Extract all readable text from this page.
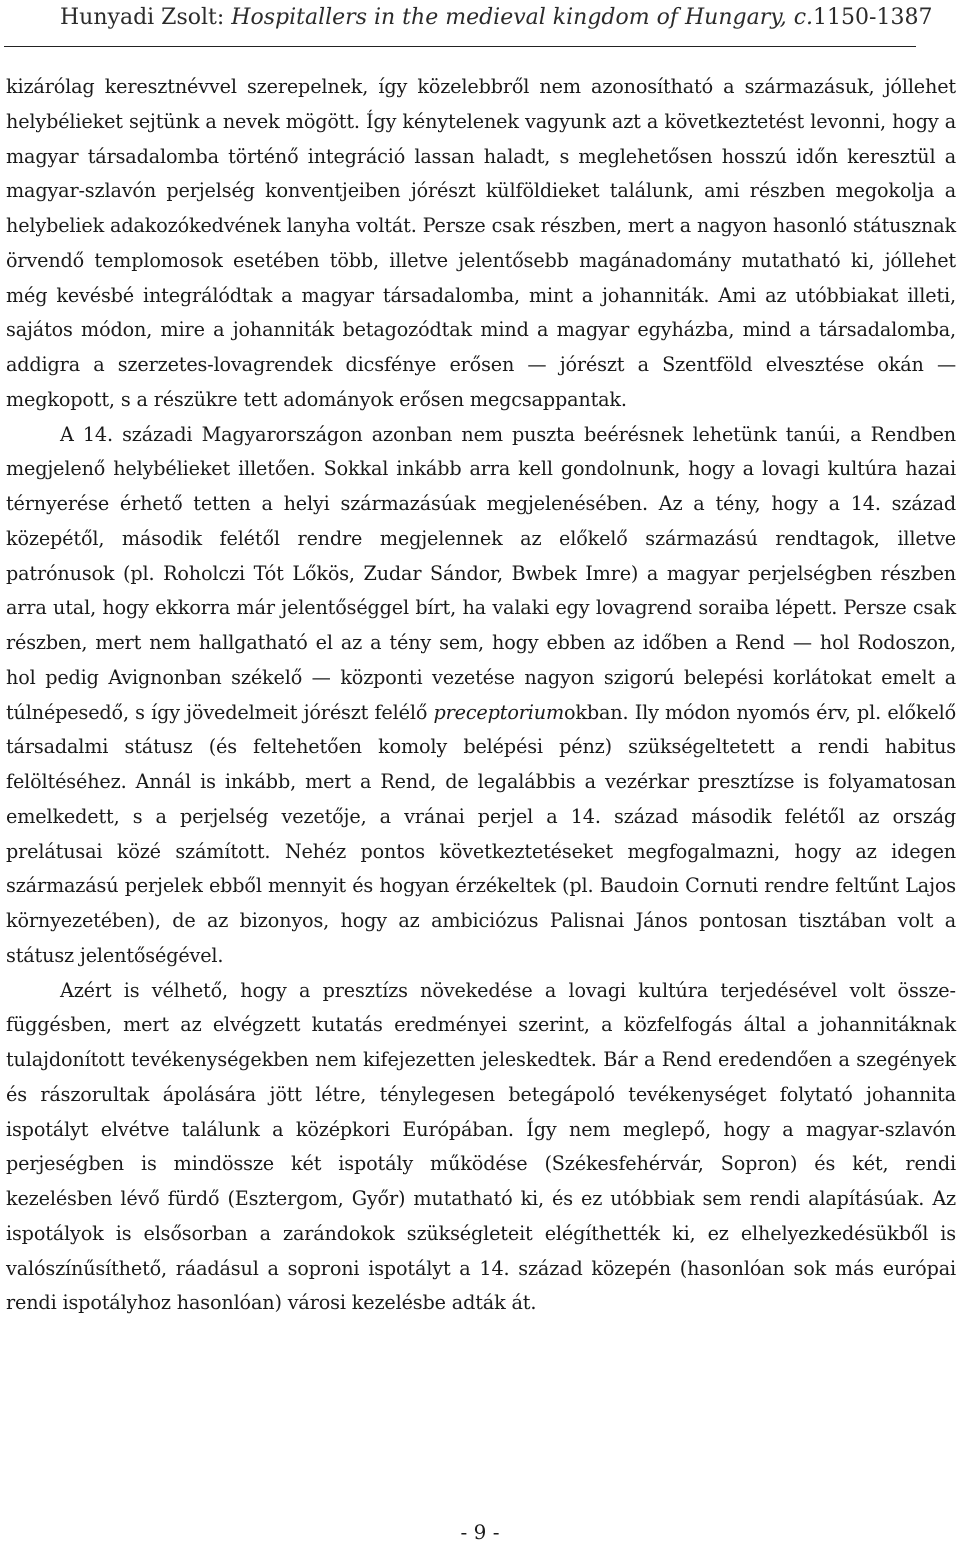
Hunyadi Zsolt: Hospitallers in the medieval kingdom of Hungary, c.1150-1387

kizárólag keresztnévvel szerepelnek, így közelebbről nem azonosítható a származásuk, jóllehet helybélieket sejtünk a nevek mögött. Így kénytelenek vagyunk azt a következtetést levonni, hogy a magyar társadalomba történő integráció lassan haladt, s meglehetősen hosszú időn keresztül a magyar-szlavón perjelség konventjeiben jórészt külföldieket találunk, ami részben megokolja a helybeliek adakozókedvének lanyha voltát. Persze csak részben, mert a nagyon hasonló státusznak örvendő templomosok esetében több, illetve jelentősebb magánadomány mutatható ki, jóllehet még kevésbé integrálódtak a magyar társadalomba, mint a johanniták. Ami az utóbbiakat illeti, sajátos módon, mire a johanniták betagozódtak mind a magyar egyházba, mind a társadalomba, addigra a szerzetes-lovagrendek dicsfénye erősen — jórészt a Szentföld elvesztése okán — megkopott, s a részükre tett adományok erősen megcsappantak.

A 14. századi Magyarországon azonban nem puszta beérésnek lehetünk tanúi, a Rendben megjelenő helybélieket illetően. Sokkal inkább arra kell gondolnunk, hogy a lovagi kultúra hazai térnyerése érhető tetten a helyi származásúak megjelenésében. Az a tény, hogy a 14. század közepétől, második felétől rendre megjelennek az előkelő származású rendtagok, illetve patrónusok (pl. Roholczi Tót Lőkös, Zudar Sándor, Bwbek Imre) a magyar perjelségben részben arra utal, hogy ekkorra már jelentőséggel bírt, ha valaki egy lovagrend soraiba lépett. Persze csak részben, mert nem hallgatható el az a tény sem, hogy ebben az időben a Rend — hol Rodoszon, hol pedig Avignonban székelő — központi vezetése nagyon szigorú belepési korlátokat emelt a túlnépesedő, s így jövedelmeit jórészt felélő preceptoriumokban. Ily módon nyomós érv, pl. előkelő társadalmi státusz (és feltehetően komoly belépési pénz) szükségeltetett a rendi habitus felöltéséhez. Annál is inkább, mert a Rend, de legalábbis a vezérkar presztízse is folyamatosan emelkedett, s a perjelség vezetője, a vránai perjel a 14. század második felétől az ország prelátusai közé számított. Nehéz pontos következtetéseket megfogalmazni, hogy az idegen származású perjelek ebből mennyit és hogyan érzékeltek (pl. Baudoin Cornuti rendre feltűnt Lajos környezetében), de az bizonyos, hogy az ambiciózus Palisnai János pontosan tisztában volt a státusz jelentőségével.

Azért is vélhető, hogy a presztízs növekedése a lovagi kultúra terjedésével volt összefüggésben, mert az elvégzett kutatás eredményei szerint, a közfelfogás által a johannitáknak tulajdonított tevékenységekben nem kifejezetten jeleskedtek. Bár a Rend eredendően a szegények és rászorultak ápolására jött létre, ténylegesen betegápoló tevékenységet folytató johannita ispotályt elvétve találunk a középkori Európában. Így nem meglepő, hogy a magyar-szlavón perjeségben is mindössze két ispotály működése (Székesfehérvár, Sopron) és két, rendi kezelésben lévő fürdő (Esztergom, Győr) mutatható ki, és ez utóbbiak sem rendi alapításúak. Az ispotályok is elsősorban a zarándokok szükségleteit elégíthették ki, ez elhelyezkedésükből is valószínűsíthető, ráadásul a soproni ispotályt a 14. század közepén (hasonlóan sok más európai rendi ispotályhoz hasonlóan) városi kezelésbe adták át.

- 9 -
